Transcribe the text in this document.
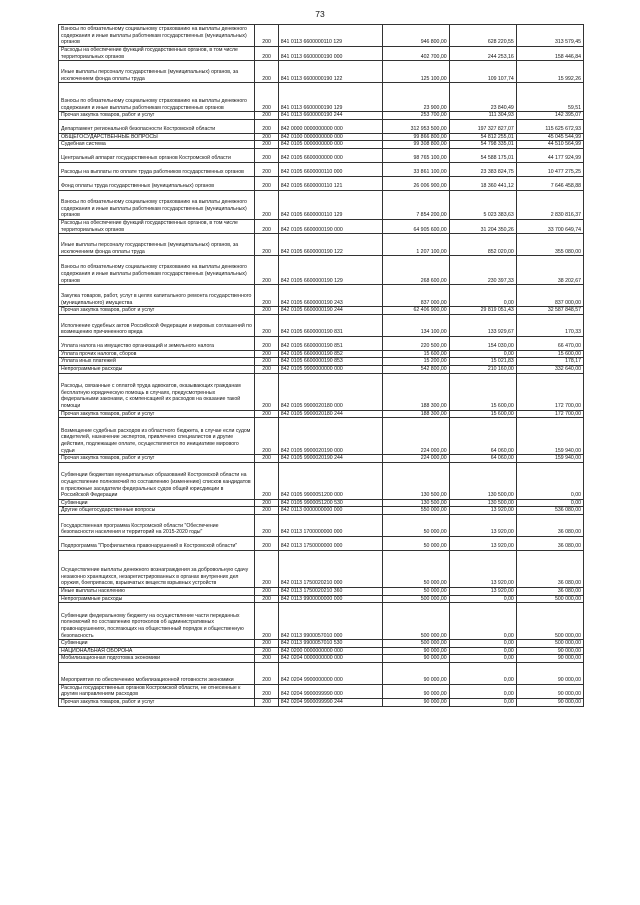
73
Взносы по обязательному социальному страхованию на выплаты денежного содержания и иные выплаты работникам государственных (муниципальных) органов	200	841 0113 6600000110 129	946 800,00	628 220,55	313 579,45
Расходы на обеспечение функций государственных органов, в том числе территориальных органов	200	841 0113 6600000190 000	402 700,00	244 253,16	158 446,84
Иные выплаты персоналу государственных (муниципальных) органов, за исключением фонда оплаты труда	200	841 0113 6600000190 122	125 100,00	109 107,74	15 992,26
Взносы по обязательному социальному страхованию на выплаты денежного содержания и иные выплаты работникам государственных органов	200	841 0113 6600000190 129	23 900,00	23 840,49	59,51
Прочая закупка товаров, работ и услуг	200	841 0113 6600000190 244	253 700,00	111 304,93	142 395,07
Департамент региональной безопасности Костромской области	200	842 0000 0000000000 000	312 953 500,00	197 327 827,07	115 625 672,93
ОБЩЕГОСУДАРСТВЕННЫЕ ВОПРОСЫ	200	842 0100 0000000000 000	99 866 800,00	54 812 255,01	45 045 544,99
Судебная система	200	842 0105 0000000000 000	99 308 800,00	54 798 335,01	44 510 564,99
Центральный аппарат государственных органов Костромской области	200	842 0105 6600000000 000	98 765 100,00	54 588 175,01	44 177 924,99
Расходы на выплаты по оплате труда работников государственных органов	200	842 0105 6600000110 000	33 861 100,00	23 383 824,75	10 477 275,25
Фонд оплаты труда государственных (муниципальных) органов	200	842 0105 6600000110 121	26 006 900,00	18 360 441,12	7 646 458,88
Взносы по обязательному социальному страхованию на выплаты денежного содержания и иные выплаты работникам государственных (муниципальных) органов	200	842 0105 6600000110 129	7 854 200,00	5 023 383,63	2 830 816,37
Расходы на обеспечение функций государственных органов, в том числе территориальных органов	200	842 0105 6600000190 000	64 905 600,00	31 204 350,26	33 700 649,74
Иные выплаты персоналу государственных (муниципальных) органов, за исключением фонда оплаты труда	200	842 0105 6600000190 122	1 207 100,00	852 020,00	355 080,00
Взносы по обязательному социальному страхованию на выплаты денежного содержания и иные выплаты работникам государственных (муниципальных) органов	200	842 0105 6600000190 129	268 600,00	230 397,33	38 202,67
Закупка товаров, работ, услуг в целях капитального ремонта государственного (муниципального) имущества	200	842 0105 6600000190 243	837 000,00	0,00	837 000,00
Прочая закупка товаров, работ и услуг	200	842 0105 6600000190 244	62 406 900,00	29 819 051,43	32 587 848,57
Исполнение судебных актов Российской Федерации и мировых соглашений по возмещению причиненного вреда	200	842 0105 6600000190 831	134 100,00	133 929,67	170,33
Уплата налога на имущество организаций и земельного налога	200	842 0105 6600000190 851	220 500,00	154 030,00	66 470,00
Уплата прочих налогов, сборов	200	842 0105 6600000190 852	15 600,00	0,00	15 600,00
Уплата иных платежей	200	842 0105 6600000190 853	15 200,00	15 021,83	178,17
Непрограммные расходы	200	842 0105 9900000000 000	542 800,00	210 160,00	332 640,00
Расходы, связанные с оплатой труда адвокатов, оказывающих гражданам бесплатную юридическую помощь в случаях, предусмотренных федеральными законами, с компенсацией их расходов на оказание такой помощи	200	842 0105 9900020180 000	188 300,00	15 600,00	172 700,00
Прочая закупка товаров, работ и услуг	200	842 0105 9900020180 244	188 300,00	15 600,00	172 700,00
Возмещение судебных расходов из областного бюджета, в случае если судом свидетелей, назначение экспертов, привлечено специалистов и другие действия, подлежащие оплате, осуществляются по инициативе мирового судьи	200	842 0105 9900020190 000	224 000,00	64 060,00	159 940,00
Прочая закупка товаров, работ и услуг	200	842 0105 9900020190 244	224 000,00	64 060,00	159 940,00
Субвенции бюджетам муниципальных образований Костромской области на осуществление полномочий по составлению (изменению) списков кандидатов в присяжные заседатели федеральных судов общей юрисдикции в Российской Федерации	200	842 0105 9900051200 000	130 500,00	130 500,00	0,00
Субвенции	200	842 0105 9900051200 530	130 500,00	130 500,00	0,00
Другие общегосударственные вопросы	200	842 0113 0000000000 000	550 000,00	13 920,00	536 080,00
Государственная программа Костромской области "Обеспечение безопасности населения и территорий на 2015-2020 годы"	200	842 0113 1700000000 000	50 000,00	13 920,00	36 080,00
Подпрограмма "Профилактика правонарушений в Костромской области"	200	842 0113 1750000000 000	50 000,00	13 920,00	36 080,00
Осуществление выплаты денежного вознаграждения за добровольную сдачу незаконно хранящихся, незарегистрированных в органах внутренних дел оружия, боеприпасов, взрывчатых веществ взрывных устройств	200	842 0113 1750020210 000	50 000,00	13 920,00	36 080,00
Иные выплаты населению	200	842 0113 1750020210 360	50 000,00	13 920,00	36 080,00
Непрограммные расходы	200	842 0113 9900000000 000	500 000,00	0,00	500 000,00
Субвенции федеральному бюджету на осуществление части переданных полномочий по составлению протоколов об административных правонарушениях, посягающих на общественный порядок и общественную безопасность	200	842 0113 9900057010 000	500 000,00	0,00	500 000,00
Субвенции	200	842 0113 9900057010 530	500 000,00	0,00	500 000,00
НАЦИОНАЛЬНАЯ ОБОРОНА	200	842 0200 0000000000 000	90 000,00	0,00	90 000,00
Мобилизационная подготовка экономики	200	842 0204 0000000000 000	90 000,00	0,00	90 000,00
Мероприятия по обеспечению мобилизационной готовности экономики	200	842 0204 9900000000 000	90 000,00	0,00	90 000,00
Расходы государственных органов Костромской области, не отнесенные к другим направлениям расходов	200	842 0204 9900099990 000	90 000,00	0,00	90 000,00
Прочая закупка товаров, работ и услуг	200	842 0204 9900099990 244	90 000,00	0,00	90 000,00
